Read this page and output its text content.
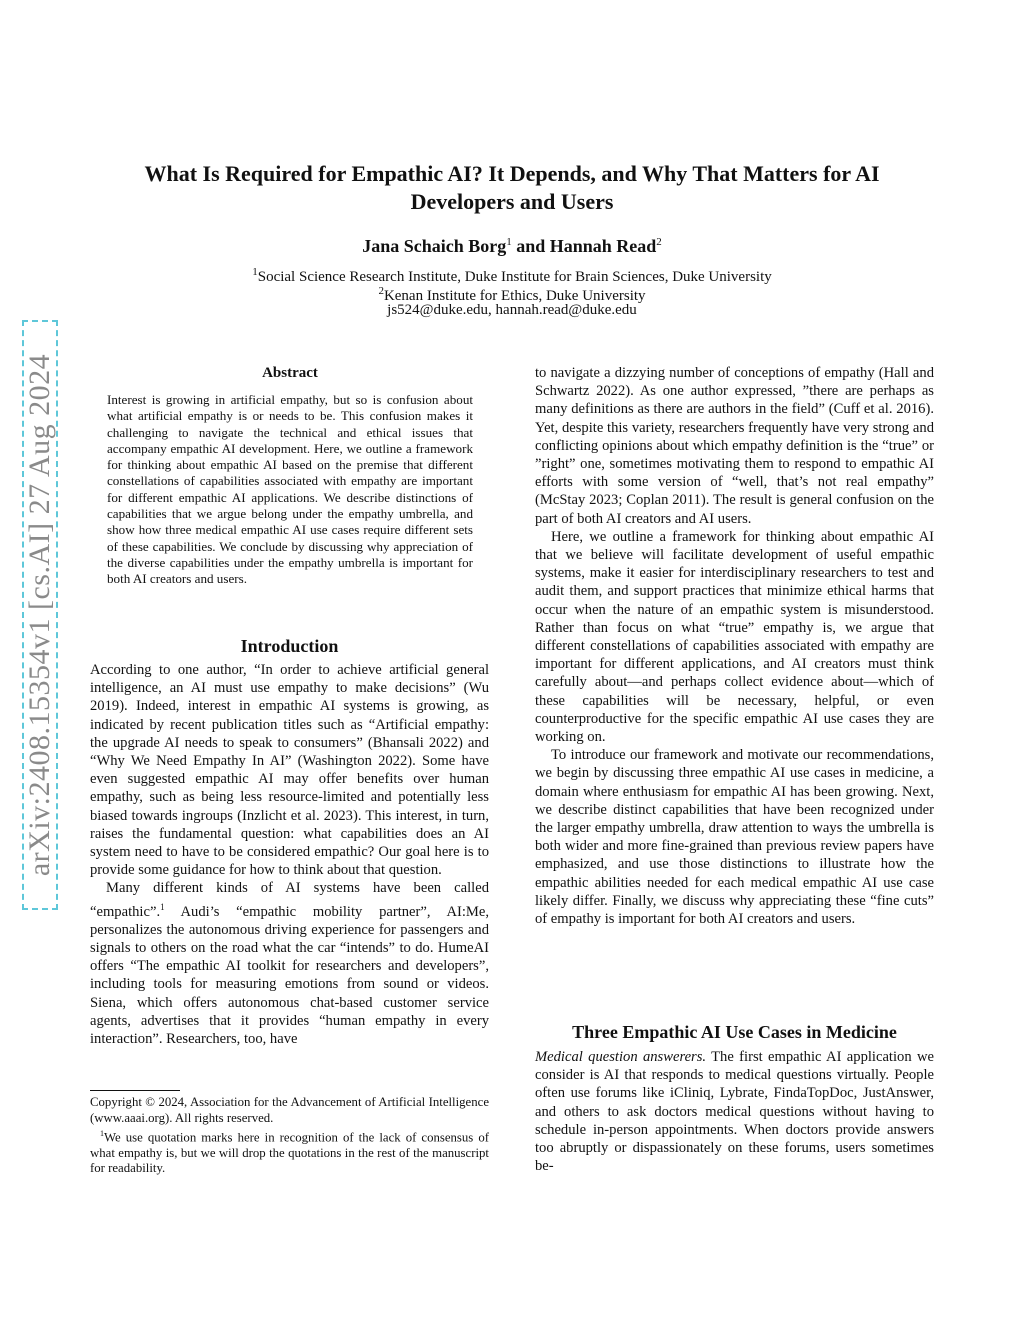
arXiv:2408.15354v1 [cs.AI] 27 Aug 2024
What Is Required for Empathic AI? It Depends, and Why That Matters for AI Developers and Users
Jana Schaich Borg$^1$ and Hannah Read$^2$
$^1$Social Science Research Institute, Duke Institute for Brain Sciences, Duke University
$^2$Kenan Institute for Ethics, Duke University
js524@duke.edu, hannah.read@duke.edu
Abstract
Interest is growing in artificial empathy, but so is confusion about what artificial empathy is or needs to be. This confusion makes it challenging to navigate the technical and ethical issues that accompany empathic AI development. Here, we outline a framework for thinking about empathic AI based on the premise that different constellations of capabilities associated with empathy are important for different empathic AI applications. We describe distinctions of capabilities that we argue belong under the empathy umbrella, and show how three medical empathic AI use cases require different sets of these capabilities. We conclude by discussing why appreciation of the diverse capabilities under the empathy umbrella is important for both AI creators and users.
Introduction

According to one author, “In order to achieve artificial general intelligence, an AI must use empathy to make decisions” (Wu 2019). Indeed, interest in empathic AI systems is growing, as indicated by recent publication titles such as “Artificial empathy: the upgrade AI needs to speak to consumers” (Bhansali 2022) and “Why We Need Empathy In AI” (Washington 2022). Some have even suggested empathic AI may offer benefits over human empathy, such as being less resource-limited and potentially less biased towards ingroups (Inzlicht et al. 2023). This interest, in turn, raises the fundamental question: what capabilities does an AI system need to have to be considered empathic? Our goal here is to provide some guidance for how to think about that question.

Many different kinds of AI systems have been called “empathic”.$^1$ Audi’s “empathic mobility partner”, AI:Me, personalizes the autonomous driving experience for passengers and signals to others on the road what the car “intends” to do. HumeAI offers “The empathic AI toolkit for researchers and developers”, including tools for measuring emotions from sound or videos. Siena, which offers autonomous chat-based customer service agents, advertises that it provides “human empathy in every interaction”. Researchers, too, have

Copyright © 2024, Association for the Advancement of Artificial Intelligence (www.aaai.org). All rights reserved.

$^1$We use quotation marks here in recognition of the lack of consensus of what empathy is, but we will drop the quotations in the rest of the manuscript for readability.

to navigate a dizzying number of conceptions of empathy (Hall and Schwartz 2022). As one author expressed, ”there are perhaps as many definitions as there are authors in the field” (Cuff et al. 2016). Yet, despite this variety, researchers frequently have very strong and conflicting opinions about which empathy definition is the “true” or ”right” one, sometimes motivating them to respond to empathic AI efforts with some version of “well, that’s not real empathy” (McStay 2023; Coplan 2011). The result is general confusion on the part of both AI creators and AI users.

Here, we outline a framework for thinking about empathic AI that we believe will facilitate development of useful empathic systems, make it easier for interdisciplinary researchers to test and audit them, and support practices that minimize ethical harms that occur when the nature of an empathic system is misunderstood. Rather than focus on what “true” empathy is, we argue that different constellations of capabilities associated with empathy are important for different applications, and AI creators must think carefully about—and perhaps collect evidence about—which of these capabilities will be necessary, helpful, or even counterproductive for the specific empathic AI use cases they are working on.

To introduce our framework and motivate our recommendations, we begin by discussing three empathic AI use cases in medicine, a domain where enthusiasm for empathic AI has been growing. Next, we describe distinct capabilities that have been recognized under the larger empathy umbrella, draw attention to ways the umbrella is both wider and more fine-grained than previous review papers have emphasized, and use those distinctions to illustrate how the empathic abilities needed for each medical empathic AI use case likely differ. Finally, we discuss why appreciating these “fine cuts” of empathy is important for both AI creators and users.

Three Empathic AI Use Cases in Medicine

Medical question answerers. The first empathic AI application we consider is AI that responds to medical questions virtually. People often use forums like iCliniq, Lybrate, FindaTopDoc, JustAnswer, and others to ask doctors medical questions without having to schedule in-person appointments. When doctors provide answers too abruptly or dispassionately on these forums, users sometimes be-
